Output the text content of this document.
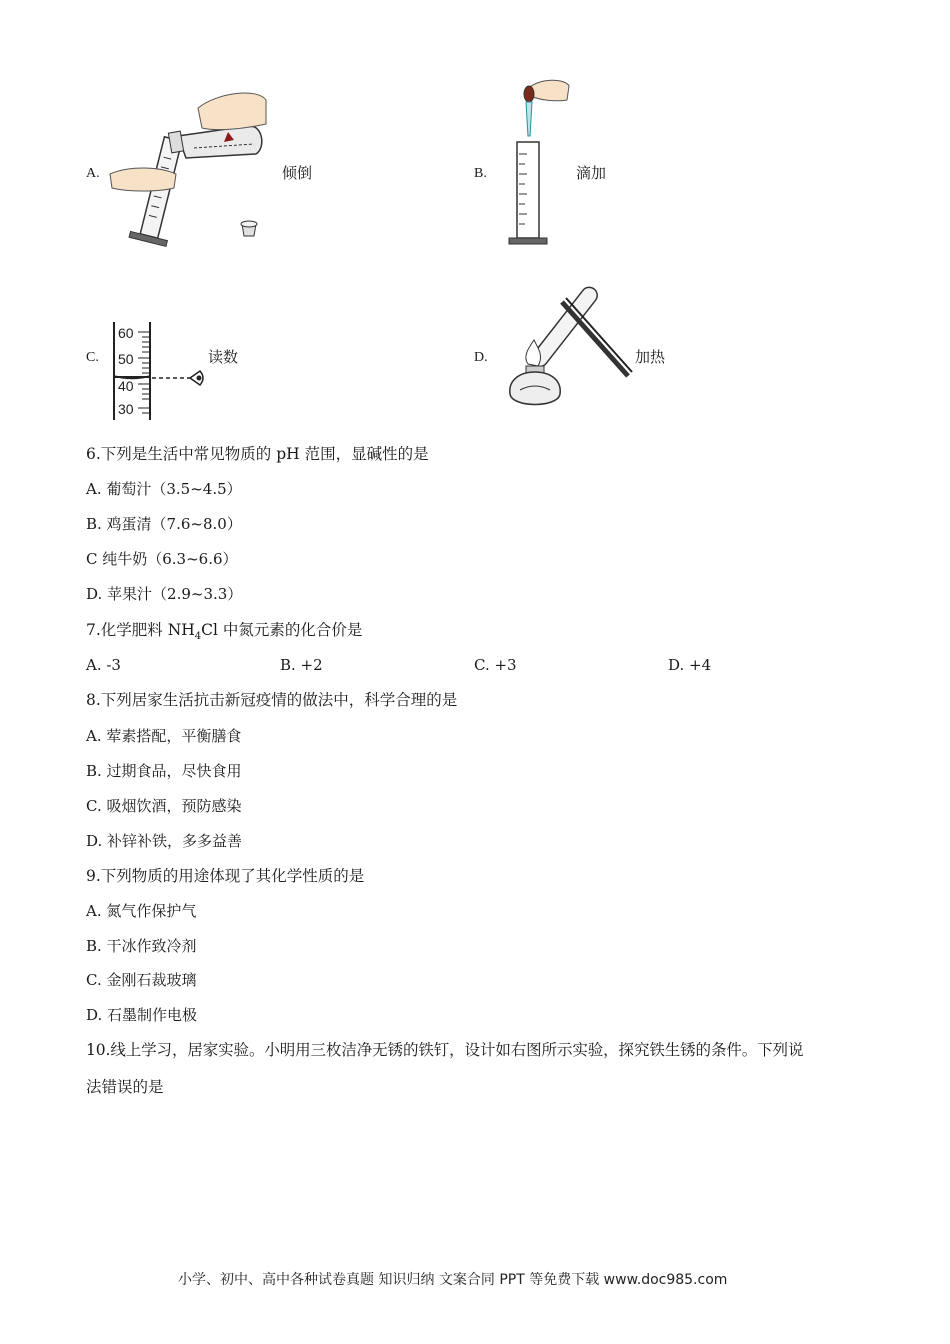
A.	倾倒	B.	滴加
C.
60
50
40
30
读数	D.	加热
6.下列是生活中常见物质的 pH 范围，显碱性的是
A. 葡萄汁（3.5~4.5）
B. 鸡蛋清（7.6~8.0）
C 纯牛奶（6.3~6.6）
D. 苹果汁（2.9~3.3）
7.化学肥料 $NH_4Cl$ 中氮元素的化合价是
A. -3	B. +2	C. +3	D. +4
8.下列居家生活抗击新冠疫情的做法中，科学合理的是
A. 荤素搭配，平衡膳食
B. 过期食品，尽快食用
C. 吸烟饮酒，预防感染
D. 补锌补铁，多多益善
9.下列物质的用途体现了其化学性质的是
A. 氮气作保护气
B. 干冰作致冷剂
C. 金刚石裁玻璃
D. 石墨制作电极
10.线上学习，居家实验。小明用三枚洁净无锈的铁钉，设计如右图所示实验，探究铁生锈的条件。下列说
法错误的是
小学、初中、高中各种试卷真题 知识归纳 文案合同 PPT 等免费下载 www.doc985.com
